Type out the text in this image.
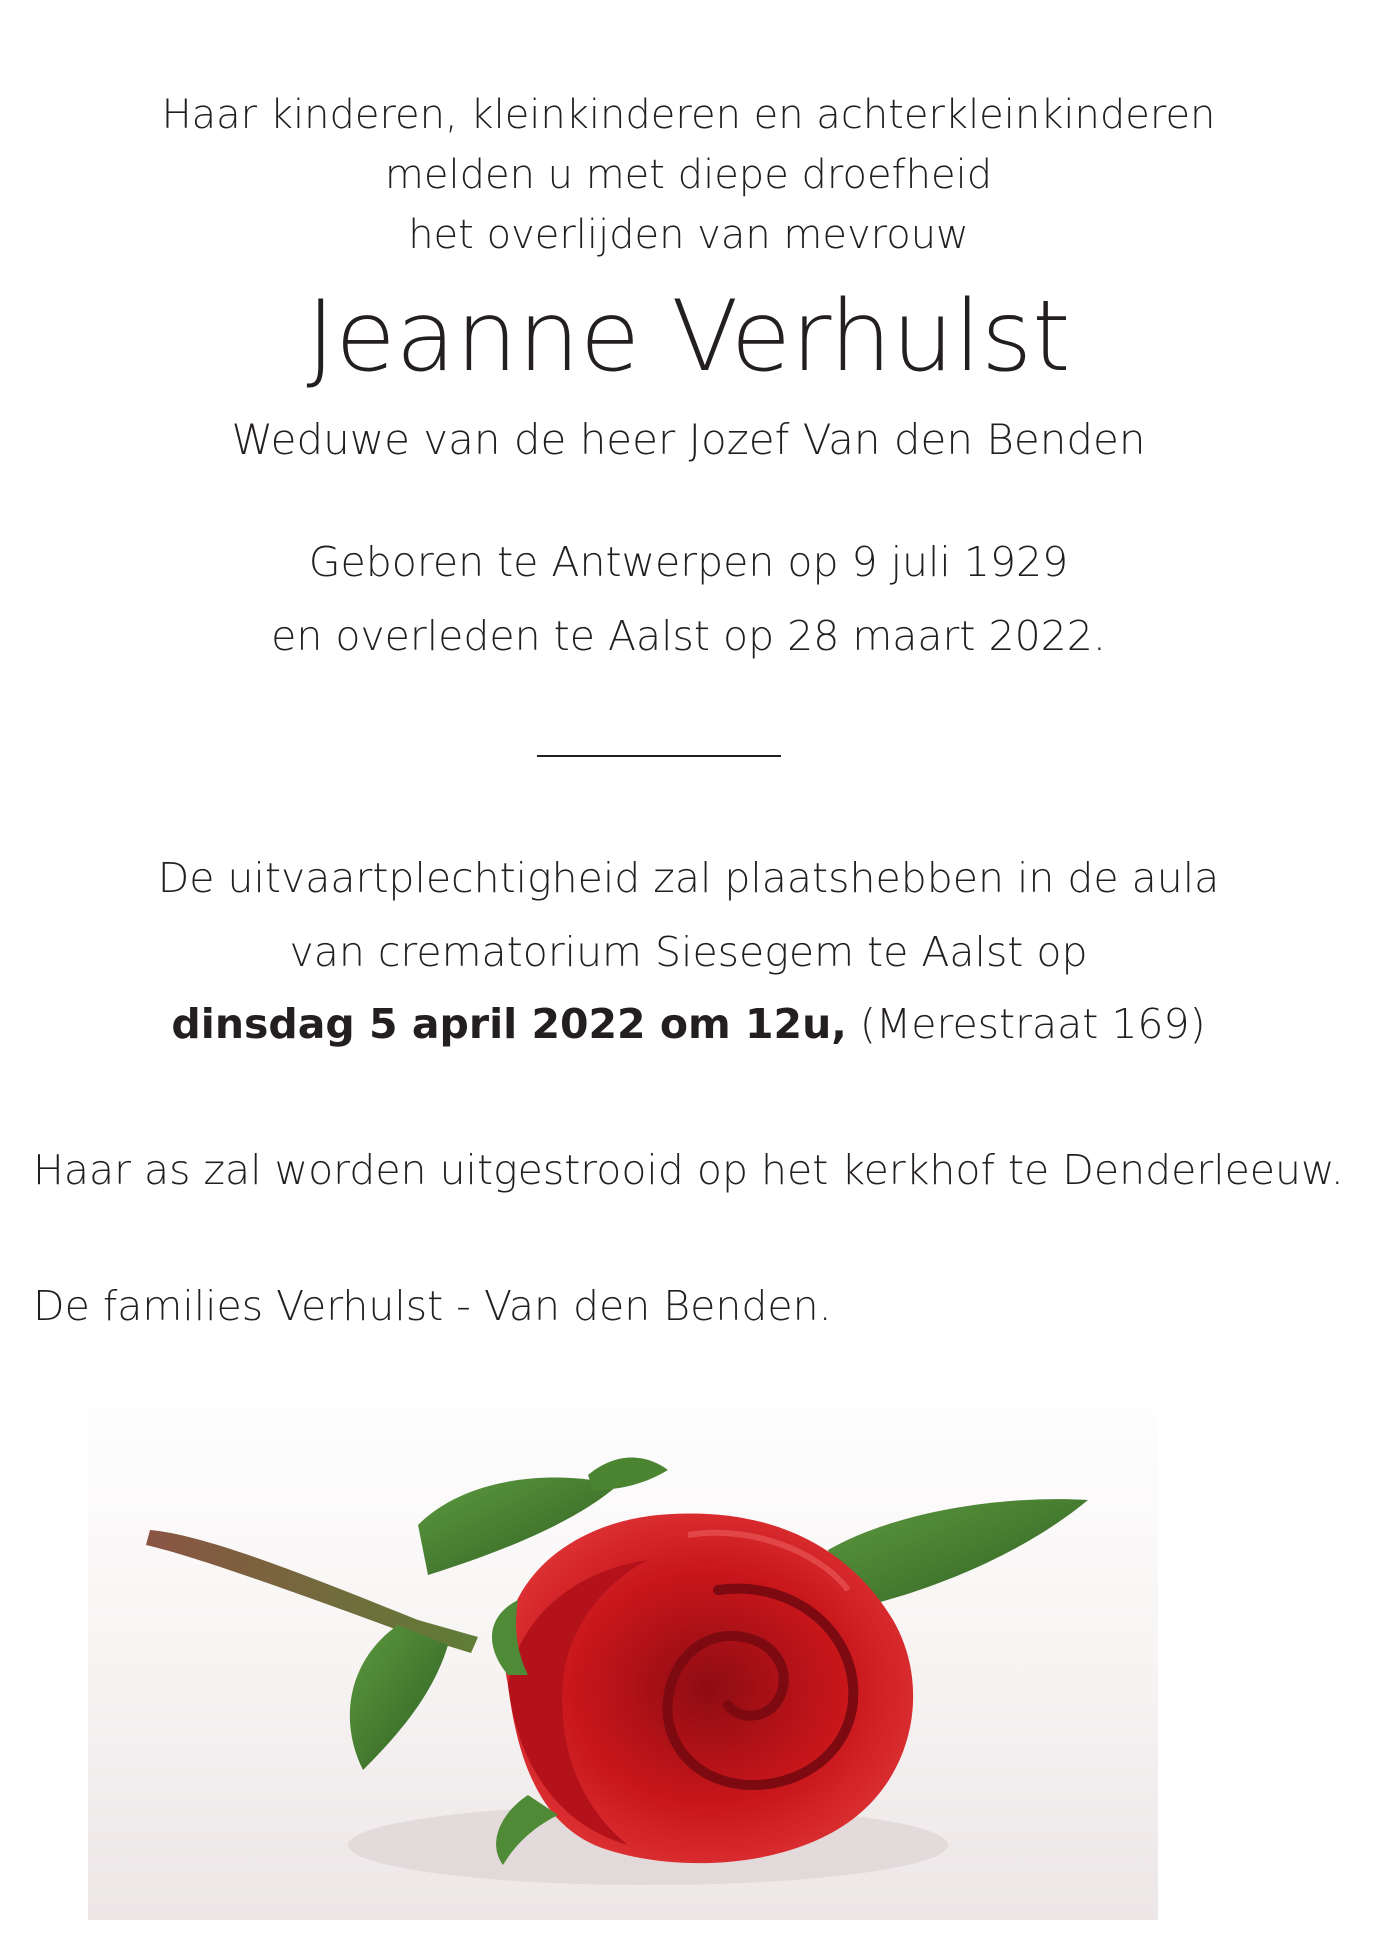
Haar kinderen, kleinkinderen en achterkleinkinderen

melden u met diepe droefheid

het overlijden van mevrouw

Jeanne Verhulst

Weduwe van de heer Jozef Van den Benden

Geboren te Antwerpen op 9 juli 1929

en overleden te Aalst op 28 maart 2022.

De uitvaartplechtigheid zal plaatshebben in de aula

van crematorium Siesegem te Aalst op

dinsdag 5 april 2022 om 12u, (Merestraat 169)

Haar as zal worden uitgestrooid op het kerkhof te Denderleeuw.

De families Verhulst - Van den Benden.
